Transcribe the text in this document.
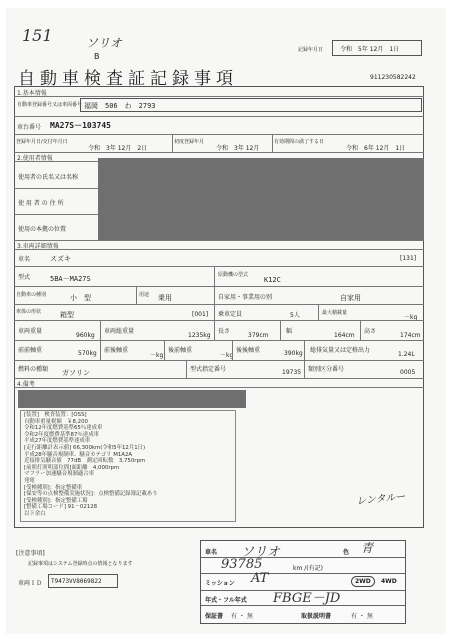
151	ソリオ
B
記録年月日	令和　5年 12月　1日
自動車検査証記録事項	911230582242
1.基本情報
自動車登録番号又は車両番号 福岡　506　わ　2793
車台番号 MA27S－103745
登録年月日/交付年月日
令和　3年 12月　2日
初度登録年月
令和　3年 12月
有効期間の満了する日
令和　6年 12月　1日
2.使用者情報
使用者の氏名又は名称
使 用 者 の 住 所
使用の本拠の位置
3.車両詳細情報
車名	スズキ	[131]
型式	5BA－MA27S	原動機の型式
K12C
自動車の種別	小　型	用途 乗用	自家用・事業用の別	自家用
車体の形状	箱型	[001] 乗車定員	5人	最大積載量
－kg
車両重量
960kg
車両総重量
1235kg
長さ
379cm
幅
164cm
高さ
174cm
前前軸重	570kg 前後軸重
－kg
後前軸重
－kg
後後軸重	390kg 総排気量又は定格出力
1.24L
燃料の種類 ガソリン	型式指定番号	19735 類別区分番号	0005
4.備考
[装置]　検査装置：[OSS]
自動車重量税額　￥8,200
令和12年度燃費基準65％達成車
令和2年度燃費基準87％達成車
平成27年度燃費基準達成車
[走行距離計表示値] 66,300km(令和5年12月1日)
平成28年騒音規制車、騒音カテゴリ M1A2A
近接排気騒音値　77dB　測定回転数　3,750rpm
[前照灯照明部位間]面距離　4,000rpm
マフラー加速騒音規制適合車
発電
[受検種別]：指定整備車
[保安等の点検整備実施状況]：点検整備記録簿記載あり
[受検種別]：指定整備工場
[整備工場コード] 91－02128
以下余白
レンタルー
[注意事項]
記録事項はシステム登録時点の情報となります
車両ＩＤ T9473VV8069822
車名 ソリオ	色 青
93785	km /(有記)
ミッション AT	2WD	4WD
年式・フル年式 FBGE－JD
保証書 有 ・ 無	取扱説明書	有 ・ 無
